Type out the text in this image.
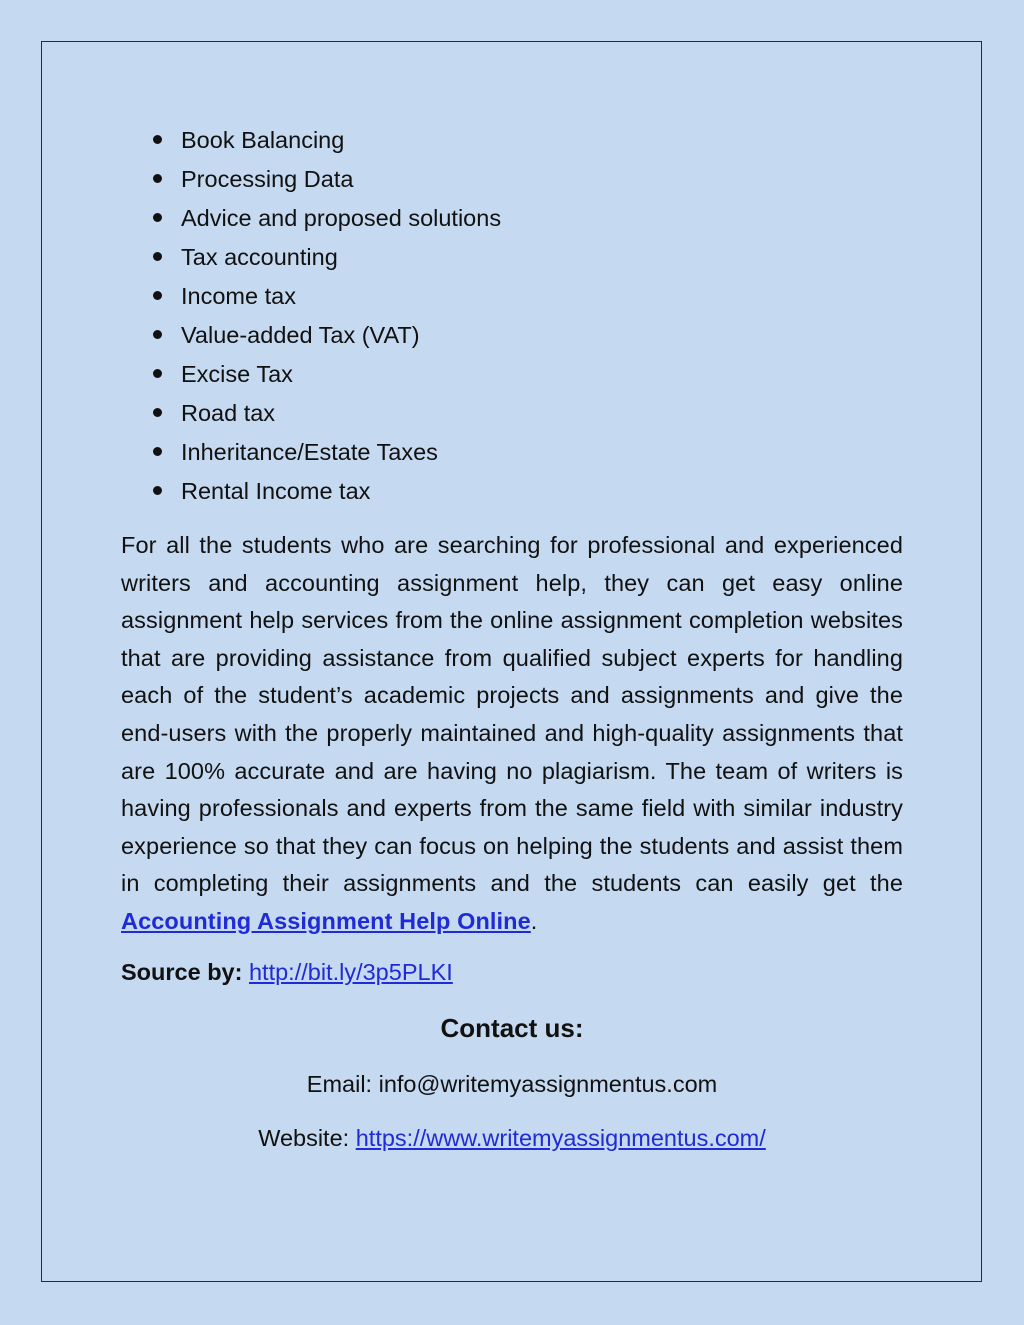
Book Balancing
Processing Data
Advice and proposed solutions
Tax accounting
Income tax
Value-added Tax (VAT)
Excise Tax
Road tax
Inheritance/Estate Taxes
Rental Income tax

For all the students who are searching for professional and experienced writers and accounting assignment help, they can get easy online assignment help services from the online assignment completion websites that are providing assistance from qualified subject experts for handling each of the student’s academic projects and assignments and give the end-users with the properly maintained and high-quality assignments that are 100% accurate and are having no plagiarism. The team of writers is having professionals and experts from the same field with similar industry experience so that they can focus on helping the students and assist them in completing their assignments and the students can easily get the Accounting Assignment Help Online.

Source by: http://bit.ly/3p5PLKI
Contact us:
Email: info@writemyassignmentus.com
Website: https://www.writemyassignmentus.com/
